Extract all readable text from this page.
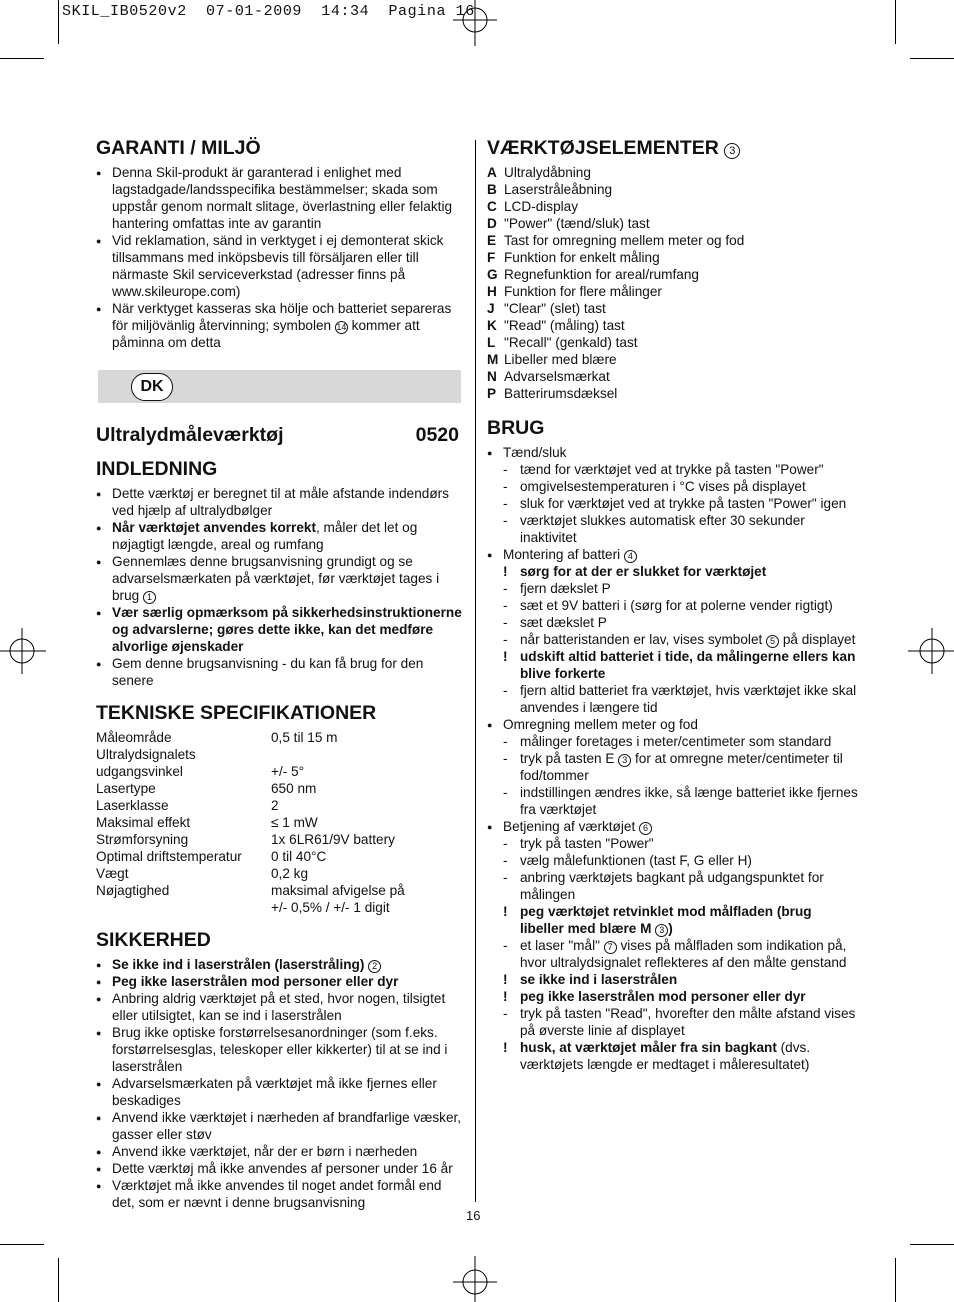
SKIL_IB0520v2  07-01-2009  14:34  Pagina 16
GARANTI / MILJÖ
● Denna Skil-produkt är garanterad i enlighet med lagstadgade/landsspecifika bestämmelser; skada som uppstår genom normalt slitage, överlastning eller felaktig hantering omfattas inte av garantin
● Vid reklamation, sänd in verktyget i ej demonterat skick tillsammans med inköpsbevis till försäljaren eller till närmaste Skil serviceverkstad (adresser finns på www.skileurope.com)
● När verktyget kasseras ska hölje och batteriet separeras för miljövänlig återvinning; symbolen 14 kommer att påminna om detta
Ultralydmåleværktøj	0520
INDLEDNING
● Dette værktøj er beregnet til at måle afstande indendørs ved hjælp af ultralydbølger
● Når værktøjet anvendes korrekt, måler det let og nøjagtigt længde, areal og rumfang
● Gennemlæs denne brugsanvisning grundigt og se advarselsmærkaten på værktøjet, før værktøjet tages i brug 1
● Vær særlig opmærksom på sikkerhedsinstruktionerne og advarslerne; gøres dette ikke, kan det medføre alvorlige øjenskader
● Gem denne brugsanvisning - du kan få brug for den senere
TEKNISKE SPECIFIKATIONER
Måleområde	0,5 til 15 m
Ultralydsignalets	
udgangsvinkel	+/- 5°
Lasertype	650 nm
Laserklasse	2
Maksimal effekt	≤ 1 mW
Strømforsyning	1x 6LR61/9V battery
Optimal driftstemperatur	0 til 40°C
Vægt	0,2 kg
Nøjagtighed	maksimal afvigelse på
	+/- 0,5% / +/- 1 digit
SIKKERHED
● Se ikke ind i laserstrålen (laserstråling) 2
● Peg ikke laserstrålen mod personer eller dyr
● Anbring aldrig værktøjet på et sted, hvor nogen, tilsigtet eller utilsigtet, kan se ind i laserstrålen
● Brug ikke optiske forstørrelsesanordninger (som f.eks. forstørrelsesglas, teleskoper eller kikkerter) til at se ind i laserstrålen
● Advarselsmærkaten på værktøjet må ikke fjernes eller beskadiges
● Anvend ikke værktøjet i nærheden af brandfarlige væsker, gasser eller støv
● Anvend ikke værktøjet, når der er børn i nærheden
● Dette værktøj må ikke anvendes af personer under 16 år
● Værktøjet må ikke anvendes til noget andet formål end det, som er nævnt i denne brugsanvisning
DK
VÆRKTØJSELEMENTER 3
A Ultralydåbning
B Laserstråleåbning
C LCD-display
D "Power" (tænd/sluk) tast
E Tast for omregning mellem meter og fod
F Funktion for enkelt måling
G Regnefunktion for areal/rumfang
H Funktion for flere målinger
J "Clear" (slet) tast
K "Read" (måling) tast
L "Recall" (genkald) tast
M Libeller med blære
N Advarselsmærkat
P Batterirumsdæksel
BRUG
● Tænd/sluk
- tænd for værktøjet ved at trykke på tasten "Power"
- omgivelsestemperaturen i °C vises på displayet
- sluk for værktøjet ved at trykke på tasten "Power" igen
- værktøjet slukkes automatisk efter 30 sekunder inaktivitet
● Montering af batteri 4
! sørg for at der er slukket for værktøjet
- fjern dækslet P
- sæt et 9V batteri i (sørg for at polerne vender rigtigt)
- sæt dækslet P
- når batteristanden er lav, vises symbolet 5 på displayet
! udskift altid batteriet i tide, da målingerne ellers kan blive forkerte
- fjern altid batteriet fra værktøjet, hvis værktøjet ikke skal anvendes i længere tid
● Omregning mellem meter og fod
- målinger foretages i meter/centimeter som standard
- tryk på tasten E 3 for at omregne meter/centimeter til fod/tommer
- indstillingen ændres ikke, så længe batteriet ikke fjernes fra værktøjet
● Betjening af værktøjet 6
- tryk på tasten "Power"
- vælg målefunktionen (tast F, G eller H)
- anbring værktøjets bagkant på udgangspunktet for målingen
! peg værktøjet retvinklet mod målfladen (brug libeller med blære M 3 )
- et laser "mål" 7 vises på målfladen som indikation på, hvor ultralydsignalet reflekteres af den målte genstand
! se ikke ind i laserstrålen
! peg ikke laserstrålen mod personer eller dyr
- tryk på tasten "Read", hvorefter den målte afstand vises på øverste linie af displayet
! husk, at værktøjet måler fra sin bagkant (dvs. værktøjets længde er medtaget i måleresultatet)
16
